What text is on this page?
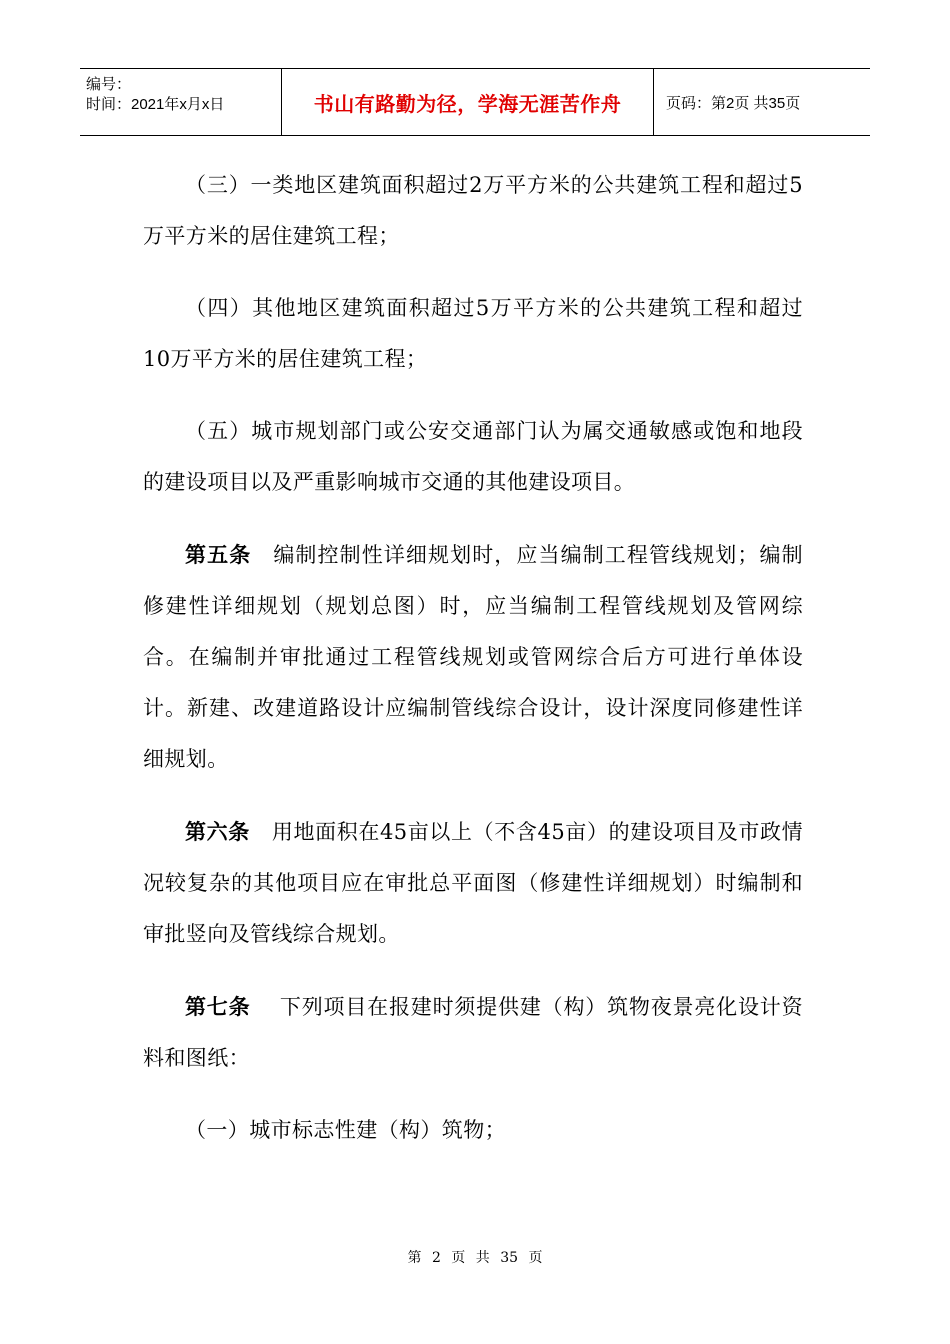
编号：
时间：2021年x月x日	书山有路勤为径，学海无涯苦作舟	页码：第2页 共35页

（三）一类地区建筑面积超过2万平方米的公共建筑工程和超过5万平方米的居住建筑工程；

（四）其他地区建筑面积超过5万平方米的公共建筑工程和超过10万平方米的居住建筑工程；

（五）城市规划部门或公安交通部门认为属交通敏感或饱和地段的建设项目以及严重影响城市交通的其他建设项目。

第五条 编制控制性详细规划时，应当编制工程管线规划；编制修建性详细规划（规划总图）时，应当编制工程管线规划及管网综合。在编制并审批通过工程管线规划或管网综合后方可进行单体设计。新建、改建道路设计应编制管线综合设计，设计深度同修建性详细规划。

第六条 用地面积在45亩以上（不含45亩）的建设项目及市政情况较复杂的其他项目应在审批总平面图（修建性详细规划）时编制和审批竖向及管线综合规划。

第七条 下列项目在报建时须提供建（构）筑物夜景亮化设计资料和图纸：

（一）城市标志性建（构）筑物；

第 2 页 共 35 页
